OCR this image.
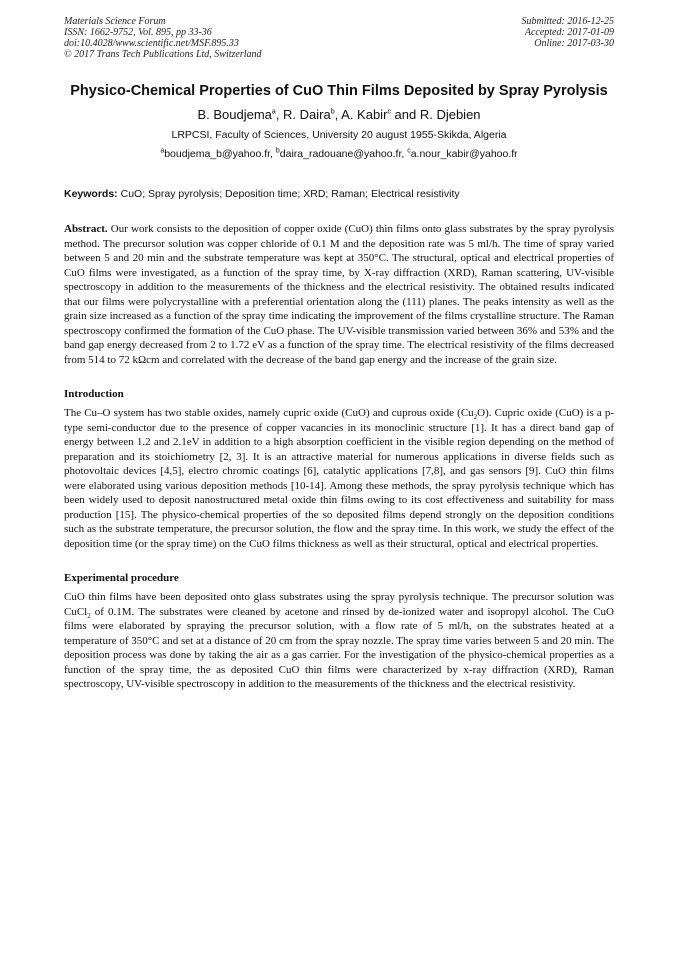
Materials Science Forum
ISSN: 1662-9752, Vol. 895, pp 33-36
doi:10.4028/www.scientific.net/MSF.895.33
© 2017 Trans Tech Publications Ltd, Switzerland
Submitted: 2016-12-25
Accepted: 2017-01-09
Online: 2017-03-30
Physico-Chemical Properties of CuO Thin Films Deposited by Spray Pyrolysis
B. Boudjema$^a$, R. Daira$^b$, A. Kabir$^c$ and R. Djebien
LRPCSI, Faculty of Sciences, University 20 august 1955-Skikda, Algeria
$^a$boudjema_b@yahoo.fr, $^b$daira_radouane@yahoo.fr, $^c$a.nour_kabir@yahoo.fr
Keywords: CuO; Spray pyrolysis; Deposition time; XRD; Raman; Electrical resistivity

Abstract. Our work consists to the deposition of copper oxide (CuO) thin films onto glass substrates by the spray pyrolysis method. The precursor solution was copper chloride of 0.1 M and the deposition rate was 5 ml/h. The time of spray varied between 5 and 20 min and the substrate temperature was kept at 350°C. The structural, optical and electrical properties of CuO films were investigated, as a function of the spray time, by X-ray diffraction (XRD), Raman scattering, UV-visible spectroscopy in addition to the measurements of the thickness and the electrical resistivity. The obtained results indicated that our films were polycrystalline with a preferential orientation along the (111) planes. The peaks intensity as well as the grain size increased as a function of the spray time indicating the improvement of the films crystalline structure. The Raman spectroscopy confirmed the formation of the CuO phase. The UV-visible transmission varied between 36% and 53% and the band gap energy decreased from 2 to 1.72 eV as a function of the spray time. The electrical resistivity of the films decreased from 514 to 72 kΩcm and correlated with the decrease of the band gap energy and the increase of the grain size.

Introduction

The Cu–O system has two stable oxides, namely cupric oxide (CuO) and cuprous oxide $(Cu_2O)$. Cupric oxide (CuO) is a p-type semi-conductor due to the presence of copper vacancies in its monoclinic structure [1]. It has a direct band gap of energy between 1.2 and 2.1eV in addition to a high absorption coefficient in the visible region depending on the method of preparation and its stoichiometry [2, 3]. It is an attractive material for numerous applications in diverse fields such as photovoltaic devices [4,5], electro chromic coatings [6], catalytic applications [7,8], and gas sensors [9]. CuO thin films were elaborated using various deposition methods [10-14]. Among these methods, the spray pyrolysis technique which has been widely used to deposit nanostructured metal oxide thin films owing to its cost effectiveness and suitability for mass production [15]. The physico-chemical properties of the so deposited films depend strongly on the deposition conditions such as the substrate temperature, the precursor solution, the flow and the spray time. In this work, we study the effect of the deposition time (or the spray time) on the CuO films thickness as well as their structural, optical and electrical properties.

Experimental procedure

CuO thin films have been deposited onto glass substrates using the spray pyrolysis technique. The precursor solution was CuCl$_2$ of 0.1M. The substrates were cleaned by acetone and rinsed by de-ionized water and isopropyl alcohol. The CuO films were elaborated by spraying the precursor solution, with a flow rate of 5 ml/h, on the substrates heated at a temperature of 350°C and set at a distance of 20 cm from the spray nozzle. The spray time varies between 5 and 20 min. The deposition process was done by taking the air as a gas carrier. For the investigation of the physico-chemical properties as a function of the spray time, the as deposited CuO thin films were characterized by x-ray diffraction (XRD), Raman spectroscopy, UV-visible spectroscopy in addition to the measurements of the thickness and the electrical resistivity.
